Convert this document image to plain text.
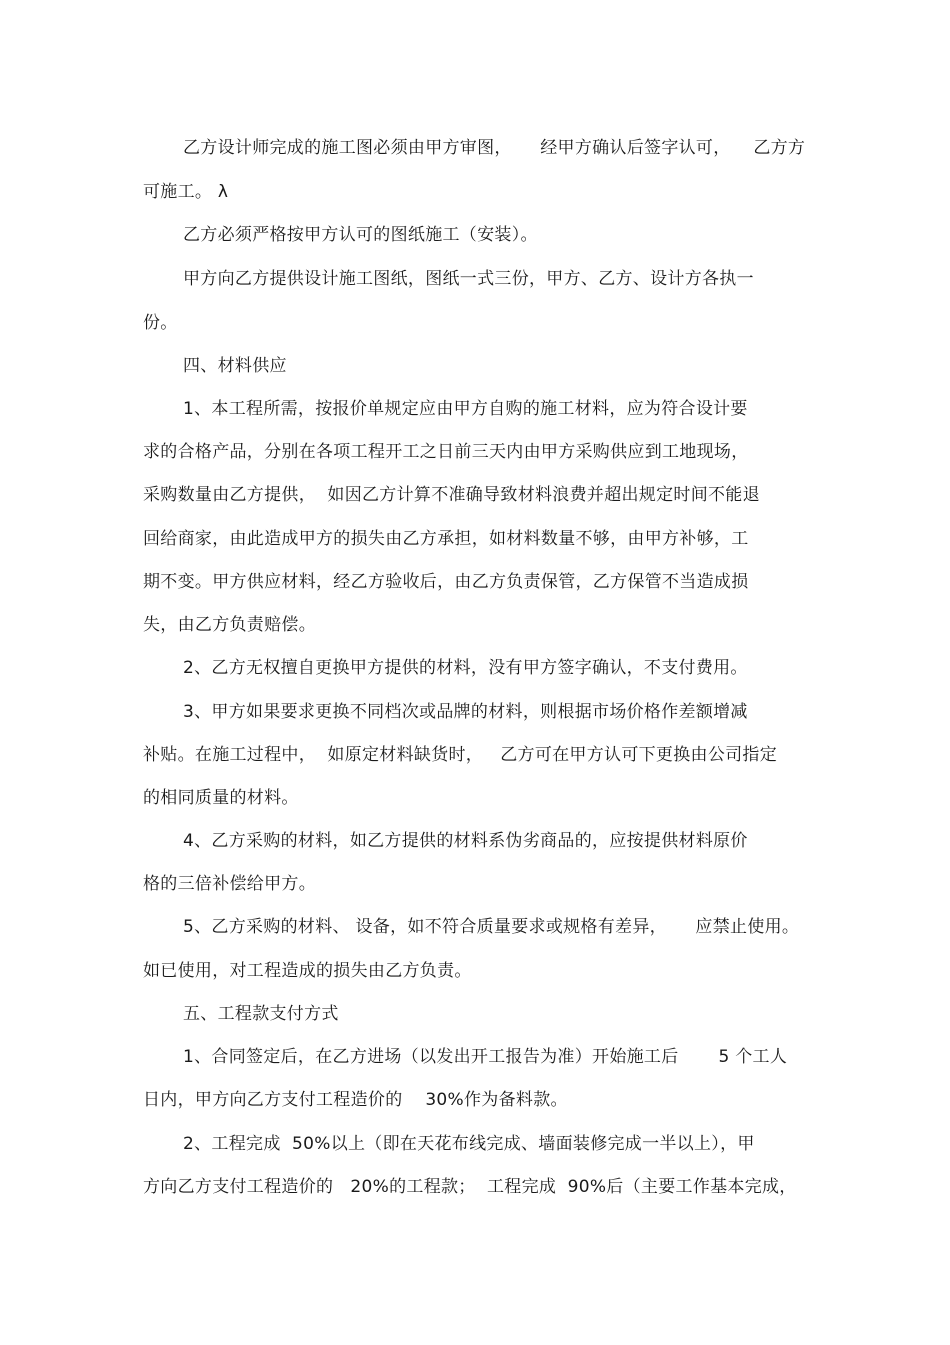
乙方设计师完成的施工图必须由甲方审图，     经甲方确认后签字认可，    乙方方
可施工。 λ
乙方必须严格按甲方认可的图纸施工（安装）。
甲方向乙方提供设计施工图纸，图纸一式三份，甲方、乙方、设计方各执一
份。
四、材料供应
1、本工程所需，按报价单规定应由甲方自购的施工材料，应为符合设计要
求的合格产品，分别在各项工程开工之日前三天内由甲方采购供应到工地现场，
采购数量由乙方提供，  如因乙方计算不准确导致材料浪费并超出规定时间不能退
回给商家，由此造成甲方的损失由乙方承担，如材料数量不够，由甲方补够，工
期不变。甲方供应材料，经乙方验收后，由乙方负责保管，乙方保管不当造成损
失，由乙方负责赔偿。
2、乙方无权擅自更换甲方提供的材料，没有甲方签字确认，不支付费用。
3、甲方如果要求更换不同档次或品牌的材料，则根据市场价格作差额增减
补贴。在施工过程中，  如原定材料缺货时，   乙方可在甲方认可下更换由公司指定
的相同质量的材料。
4、乙方采购的材料，如乙方提供的材料系伪劣商品的，应按提供材料原价
格的三倍补偿给甲方。
5、乙方采购的材料、 设备，如不符合质量要求或规格有差异，     应禁止使用。
如已使用，对工程造成的损失由乙方负责。
五、工程款支付方式
1、合同签定后，在乙方进场（以发出开工报告为准）开始施工后       5 个工人
日内，甲方向乙方支付工程造价的    30%作为备料款。
2、工程完成  50%以上（即在天花布线完成、墙面装修完成一半以上），甲
方向乙方支付工程造价的   20%的工程款；  工程完成  90%后（主要工作基本完成，
